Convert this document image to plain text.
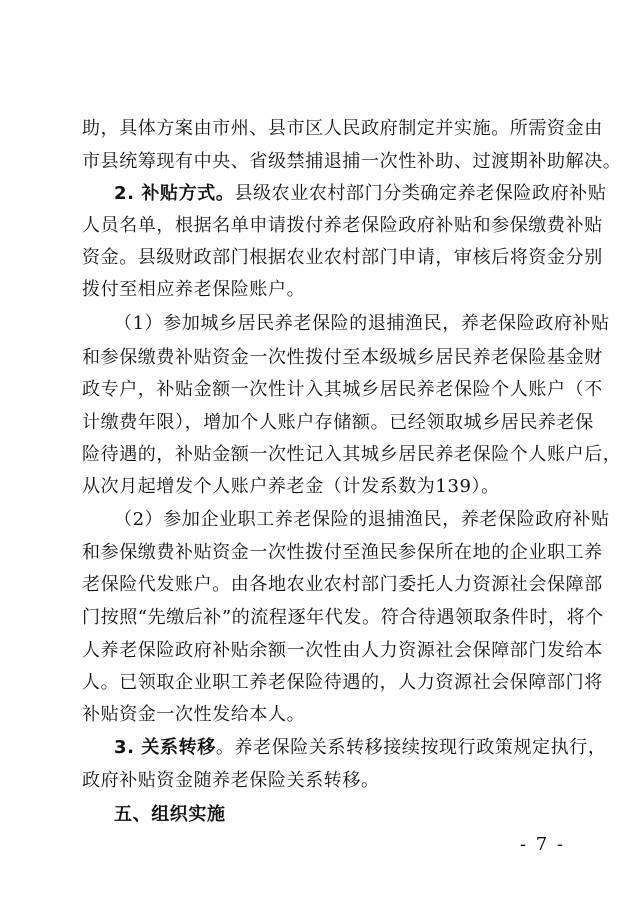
助，具体方案由市州、县市区人民政府制定并实施。所需资金由
市县统筹现有中央、省级禁捕退捕一次性补助、过渡期补助解决。
2. 补贴方式。县级农业农村部门分类确定养老保险政府补贴
人员名单，根据名单申请拨付养老保险政府补贴和参保缴费补贴
资金。县级财政部门根据农业农村部门申请，审核后将资金分别
拨付至相应养老保险账户。
（1）参加城乡居民养老保险的退捕渔民，养老保险政府补贴
和参保缴费补贴资金一次性拨付至本级城乡居民养老保险基金财
政专户，补贴金额一次性计入其城乡居民养老保险个人账户（不
计缴费年限），增加个人账户存储额。已经领取城乡居民养老保
险待遇的，补贴金额一次性记入其城乡居民养老保险个人账户后，
从次月起增发个人账户养老金（计发系数为139）。
（2）参加企业职工养老保险的退捕渔民，养老保险政府补贴
和参保缴费补贴资金一次性拨付至渔民参保所在地的企业职工养
老保险代发账户。由各地农业农村部门委托人力资源社会保障部
门按照“先缴后补”的流程逐年代发。符合待遇领取条件时，将个
人养老保险政府补贴余额一次性由人力资源社会保障部门发给本
人。已领取企业职工养老保险待遇的，人力资源社会保障部门将
补贴资金一次性发给本人。
3. 关系转移。养老保险关系转移接续按现行政策规定执行，
政府补贴资金随养老保险关系转移。
五、组织实施
- 7 -
